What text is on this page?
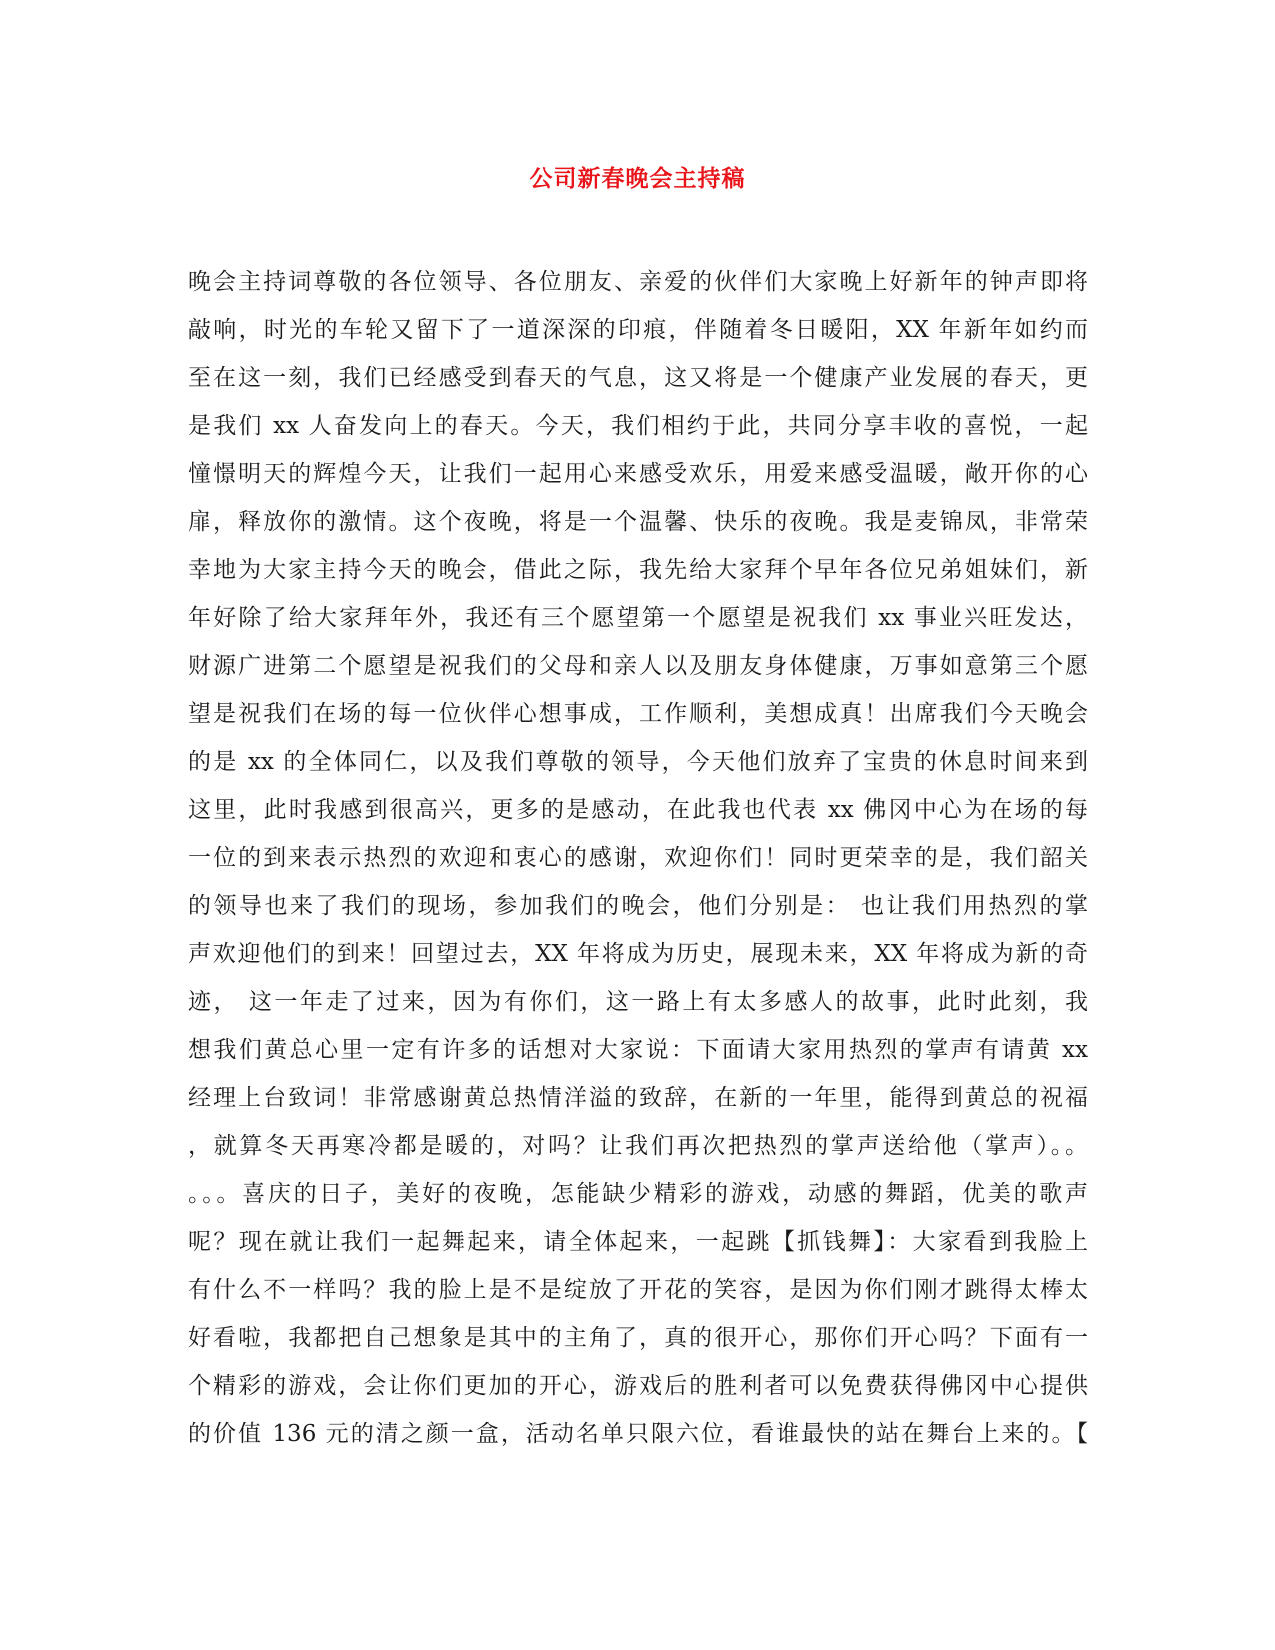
公司新春晚会主持稿
晚会主持词尊敬的各位领导、各位朋友、亲爱的伙伴们大家晚上好新年的钟声即将
敲响，时光的车轮又留下了一道深深的印痕，伴随着冬日暖阳，XX 年新年如约而
至在这一刻，我们已经感受到春天的气息，这又将是一个健康产业发展的春天，更
是我们 xx 人奋发向上的春天。今天，我们相约于此，共同分享丰收的喜悦，一起
憧憬明天的辉煌今天，让我们一起用心来感受欢乐，用爱来感受温暖，敞开你的心
扉，释放你的激情。这个夜晚，将是一个温馨、快乐的夜晚。我是麦锦凤，非常荣
幸地为大家主持今天的晚会，借此之际，我先给大家拜个早年各位兄弟姐妹们，新
年好除了给大家拜年外，我还有三个愿望第一个愿望是祝我们 xx 事业兴旺发达，
财源广进第二个愿望是祝我们的父母和亲人以及朋友身体健康，万事如意第三个愿
望是祝我们在场的每一位伙伴心想事成，工作顺利，美想成真！出席我们今天晚会
的是 xx 的全体同仁，以及我们尊敬的领导，今天他们放弃了宝贵的休息时间来到
这里，此时我感到很高兴，更多的是感动，在此我也代表 xx 佛冈中心为在场的每
一位的到来表示热烈的欢迎和衷心的感谢，欢迎你们！同时更荣幸的是，我们韶关
的领导也来了我们的现场，参加我们的晚会，他们分别是： 也让我们用热烈的掌
声欢迎他们的到来！回望过去，XX 年将成为历史，展现未来，XX 年将成为新的奇
迹， 这一年走了过来，因为有你们，这一路上有太多感人的故事，此时此刻，我
想我们黄总心里一定有许多的话想对大家说：下面请大家用热烈的掌声有请黄 xx
经理上台致词！非常感谢黄总热情洋溢的致辞，在新的一年里，能得到黄总的祝福
，就算冬天再寒冷都是暖的，对吗？让我们再次把热烈的掌声送给他（掌声）。。
。。。喜庆的日子，美好的夜晚，怎能缺少精彩的游戏，动感的舞蹈，优美的歌声
呢？现在就让我们一起舞起来，请全体起来，一起跳【抓钱舞】：大家看到我脸上
有什么不一样吗？我的脸上是不是绽放了开花的笑容，是因为你们刚才跳得太棒太
好看啦，我都把自己想象是其中的主角了，真的很开心，那你们开心吗？下面有一
个精彩的游戏，会让你们更加的开心，游戏后的胜利者可以免费获得佛冈中心提供
的价值 136 元的清之颜一盒，活动名单只限六位，看谁最快的站在舞台上来的。【
